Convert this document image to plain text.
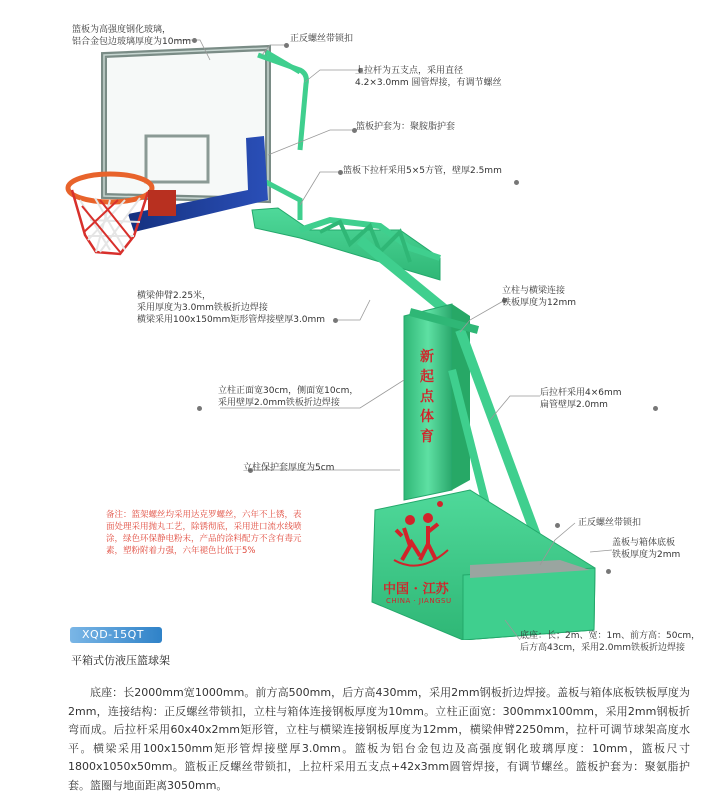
篮板为高强度钢化玻璃，
铝合金包边玻璃厚度为10mm	正反螺丝带锁扣
上拉杆为五支点，采用直径
4.2×3.0mm 圆管焊接，有调节螺丝
篮板护套为：聚胺脂护套
篮板下拉杆采用5×5方管，壁厚2.5mm
横梁伸臂2.25米，
采用厚度为3.0mm铁板折边焊接
横梁采用100x150mm矩形管焊接壁厚3.0mm
立柱与横梁连接
铁板厚度为12mm
立柱正面宽30cm，侧面宽10cm，
采用壁厚2.0mm铁板折边焊接
后拉杆采用4×6mm
扁管壁厚2.0mm
立柱保护套厚度为5cm
正反螺丝带锁扣
盖板与箱体底板
铁板厚度为2mm
底座：长；2m、宽：1m、前方高：50cm，
后方高43cm，采用2.0mm铁板折边焊接
备注：篮架螺丝均采用达克罗螺丝，六年不上锈，表面处理采用抛丸工艺，除锈彻底，采用进口流水线喷涂，绿色环保静电粉末，产品的涂料配方不含有毒元素，塑粉附着力强，六年褪色比低于5%
新
起
点
体
育
中国 · 江苏
CHINA · JIANGSU
XQD-15QT
平箱式仿液压篮球架
底座：长2000mm宽1000mm。前方高500mm，后方高430mm，采用2mm钢板折边焊接。盖板与箱体底板铁板厚度为2mm，连接结构：正反螺丝带锁扣，立柱与箱体连接钢板厚度为10mm。立柱正面宽：300mmx100mm，采用2mm钢板折弯而成。后拉杆采用60x40x2mm矩形管，立柱与横梁连接钢板厚度为12mm，横梁伸臂2250mm，拉杆可调节球架高度水平。横梁采用100x150mm矩形管焊接壁厚3.0mm。篮板为铝台金包边及高强度钢化玻璃厚度：10mm，篮板尺寸1800x1050x50mm。篮板正反螺丝带锁扣，上拉杆采用五支点+42x3mm圆管焊接，有调节螺丝。篮板护套为：聚氨脂护套。篮圈与地面距离3050mm。
